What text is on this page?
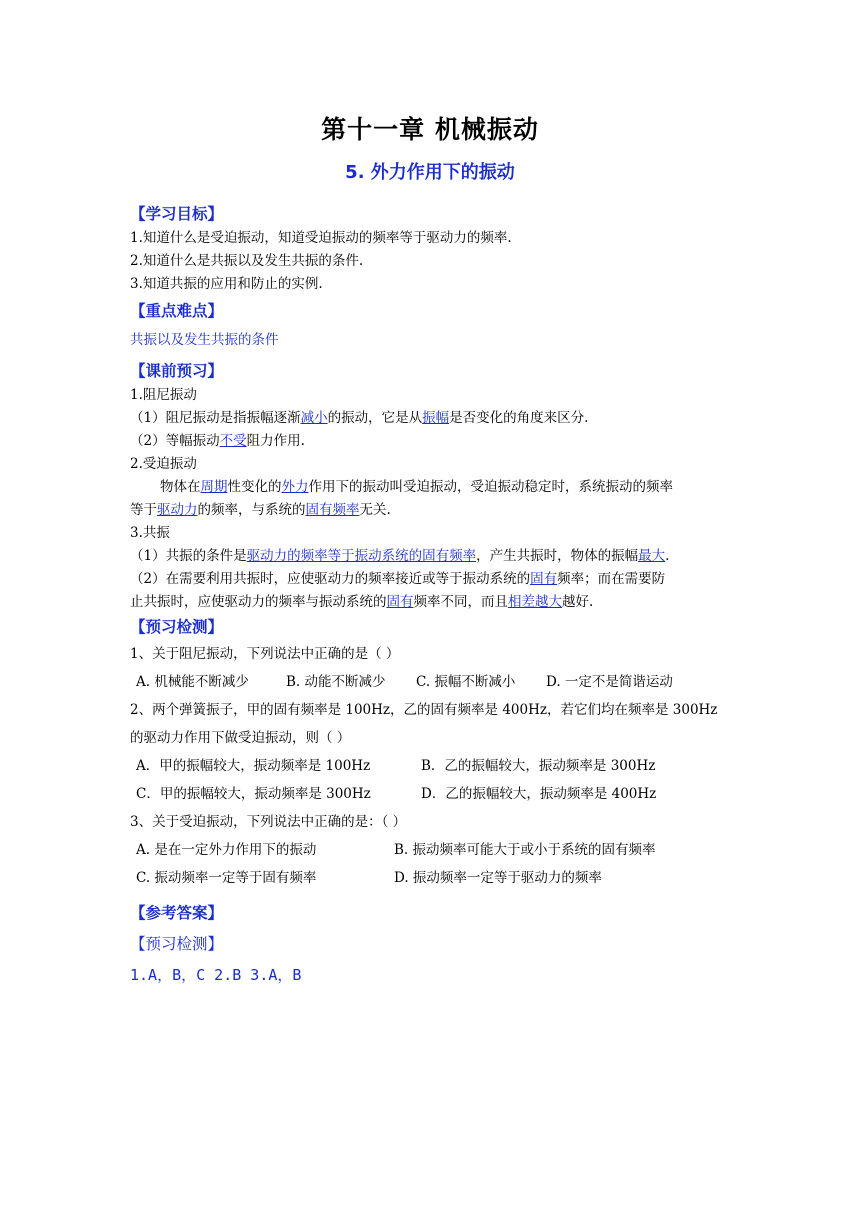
第十一章 机械振动
5. 外力作用下的振动
【学习目标】
1.知道什么是受迫振动，知道受迫振动的频率等于驱动力的频率.
2.知道什么是共振以及发生共振的条件.
3.知道共振的应用和防止的实例.
【重点难点】
共振以及发生共振的条件
【课前预习】
1.阻尼振动
（1）阻尼振动是指振幅逐渐减小的振动，它是从振幅是否变化的角度来区分.
（2）等幅振动不受阻力作用.
2.受迫振动
物体在周期性变化的外力作用下的振动叫受迫振动，受迫振动稳定时，系统振动的频率
等于驱动力的频率，与系统的固有频率无关.
3.共振
（1）共振的条件是驱动力的频率等于振动系统的固有频率，产生共振时，物体的振幅最大.
（2）在需要利用共振时，应使驱动力的频率接近或等于振动系统的固有频率；而在需要防
止共振时，应使驱动力的频率与振动系统的固有频率不同，而且相差越大越好.
【预习检测】
1、关于阻尼振动，下列说法中正确的是（ ）
A. 机械能不断减少	B. 动能不断减少 C. 振幅不断减小 D. 一定不是简谐运动
2、两个弹簧振子，甲的固有频率是 100Hz，乙的固有频率是 400Hz，若它们均在频率是 300Hz
的驱动力作用下做受迫振动，则（ ）
A．甲的振幅较大，振动频率是 100Hz	B．乙的振幅较大，振动频率是 300Hz
C．甲的振幅较大，振动频率是 300Hz	D．乙的振幅较大，振动频率是 400Hz
3、关于受迫振动，下列说法中正确的是：（ ）
A. 是在一定外力作用下的振动	B. 振动频率可能大于或小于系统的固有频率
C. 振动频率一定等于固有频率	D. 振动频率一定等于驱动力的频率
【参考答案】
【预习检测】
1.A，B，C 2.B 3.A，B
